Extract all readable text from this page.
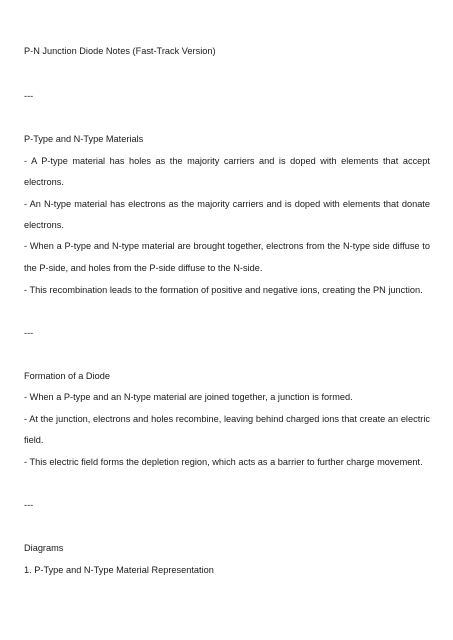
P-N Junction Diode Notes (Fast-Track Version)
---
P-Type and N-Type Materials
- A P-type material has holes as the majority carriers and is doped with elements that accept
electrons.
- An N-type material has electrons as the majority carriers and is doped with elements that donate
electrons.
- When a P-type and N-type material are brought together, electrons from the N-type side diffuse to
the P-side, and holes from the P-side diffuse to the N-side.
- This recombination leads to the formation of positive and negative ions, creating the PN junction.
---
Formation of a Diode
- When a P-type and an N-type material are joined together, a junction is formed.
- At the junction, electrons and holes recombine, leaving behind charged ions that create an electric
field.
- This electric field forms the depletion region, which acts as a barrier to further charge movement.
---
Diagrams
1. P-Type and N-Type Material Representation
